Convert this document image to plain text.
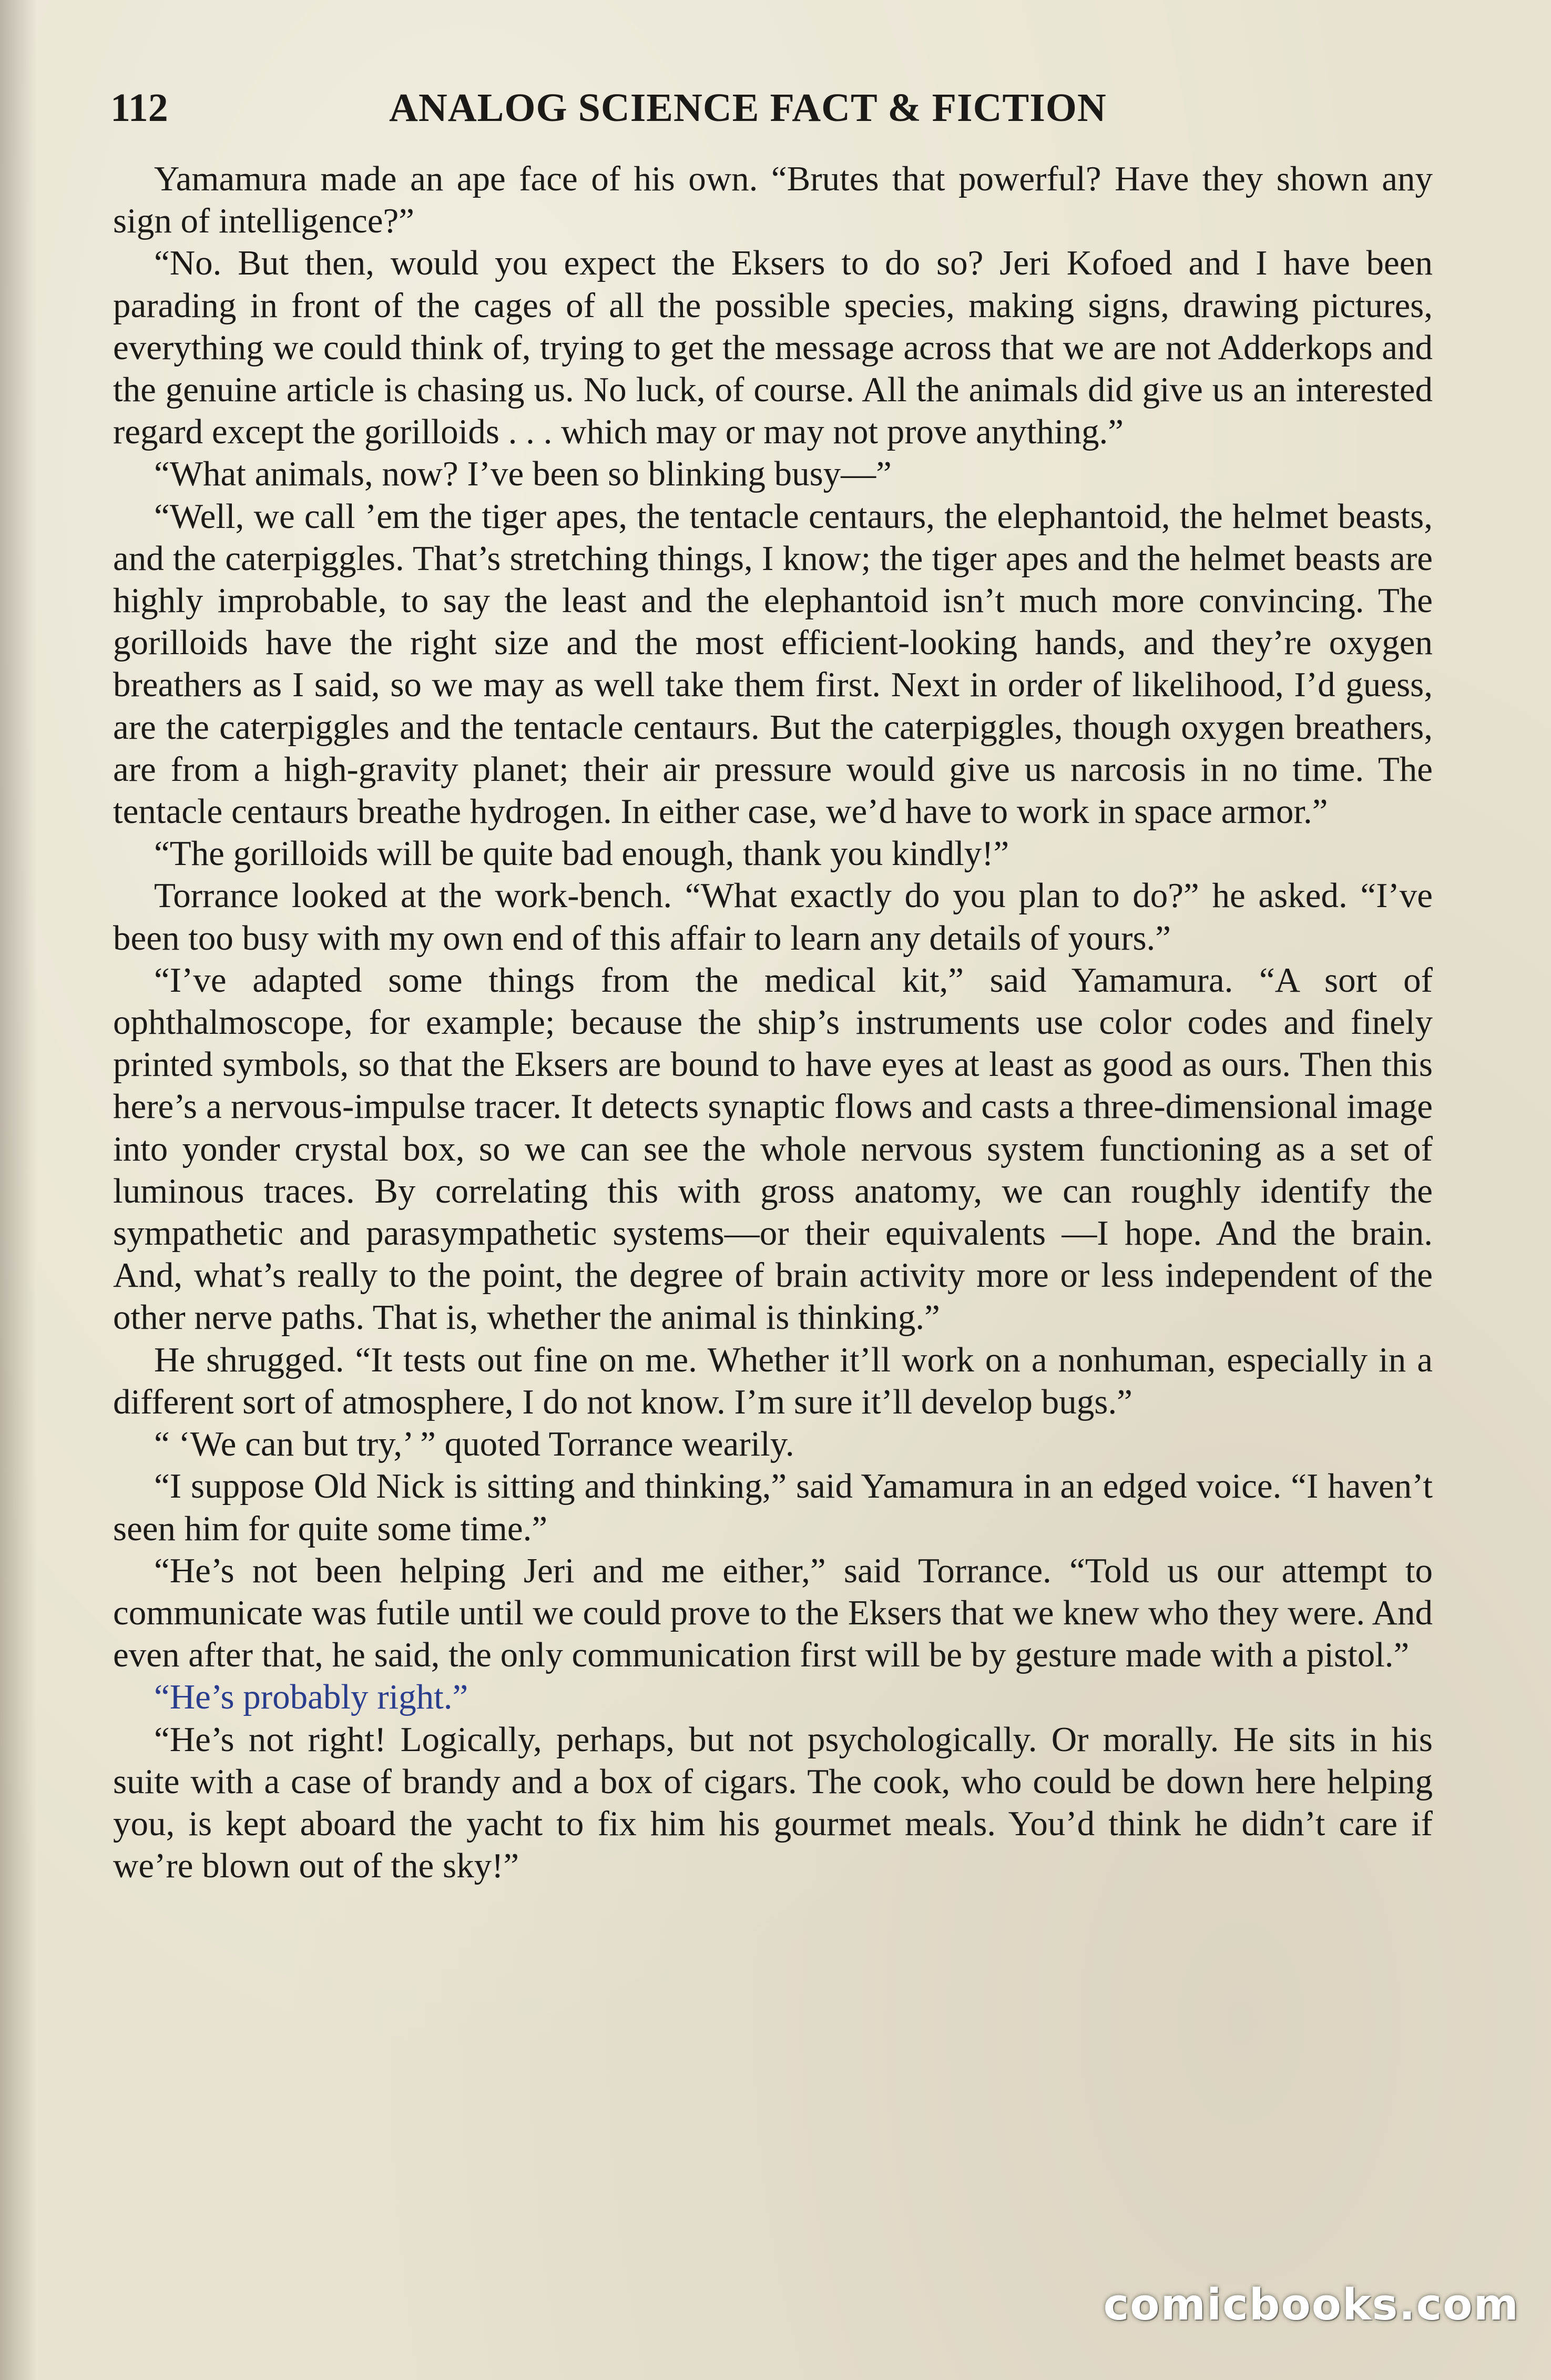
112	ANALOG SCIENCE FACT & FICTION

Yamamura made an ape face of his own. “Brutes that powerful? Have they shown any sign of intelligence?”

“No. But then, would you expect the Eksers to do so? Jeri Kofoed and I have been parading in front of the cages of all the possible species, making signs, drawing pictures, everything we could think of, trying to get the message across that we are not Adderkops and the genuine article is chasing us. No luck, of course. All the animals did give us an interested regard except the gorilloids . . . which may or may not prove anything.”

“What animals, now? I’ve been so blinking busy—”

“Well, we call ’em the tiger apes, the tentacle centaurs, the elephantoid, the helmet beasts, and the caterpiggles. That’s stretching things, I know; the tiger apes and the helmet beasts are highly improbable, to say the least and the elephantoid isn’t much more convincing. The gorilloids have the right size and the most efficient-looking hands, and they’re oxygen breathers as I said, so we may as well take them first. Next in order of likelihood, I’d guess, are the caterpiggles and the tentacle centaurs. But the caterpiggles, though oxygen breathers, are from a high-gravity planet; their air pressure would give us narcosis in no time. The tentacle centaurs breathe hydrogen. In either case, we’d have to work in space armor.”

“The gorilloids will be quite bad enough, thank you kindly!”

Torrance looked at the work-bench. “What exactly do you plan to do?” he asked. “I’ve been too busy with my own end of this affair to learn any details of yours.”

“I’ve adapted some things from the medical kit,” said Yamamura. “A sort of ophthalmoscope, for example; because the ship’s instruments use color codes and finely printed symbols, so that the Eksers are bound to have eyes at least as good as ours. Then this here’s a nervous-impulse tracer. It detects synaptic flows and casts a three-dimensional image into yonder crystal box, so we can see the whole nervous system functioning as a set of luminous traces. By correlating this with gross anatomy, we can roughly identify the sympathetic and parasympathetic systems—or their equivalents —I hope. And the brain. And, what’s really to the point, the degree of brain activity more or less independent of the other nerve paths. That is, whether the animal is thinking.”

He shrugged. “It tests out fine on me. Whether it’ll work on a nonhuman, especially in a different sort of atmosphere, I do not know. I’m sure it’ll develop bugs.”

“ ‘We can but try,’ ” quoted Torrance wearily.

“I suppose Old Nick is sitting and thinking,” said Yamamura in an edged voice. “I haven’t seen him for quite some time.”

“He’s not been helping Jeri and me either,” said Torrance. “Told us our attempt to communicate was futile until we could prove to the Eksers that we knew who they were. And even after that, he said, the only communication first will be by gesture made with a pistol.”

“He’s probably right.”

“He’s not right! Logically, perhaps, but not psychologically. Or morally. He sits in his suite with a case of brandy and a box of cigars. The cook, who could be down here helping you, is kept aboard the yacht to fix him his gourmet meals. You’d think he didn’t care if we’re blown out of the sky!”

comicbooks.com
